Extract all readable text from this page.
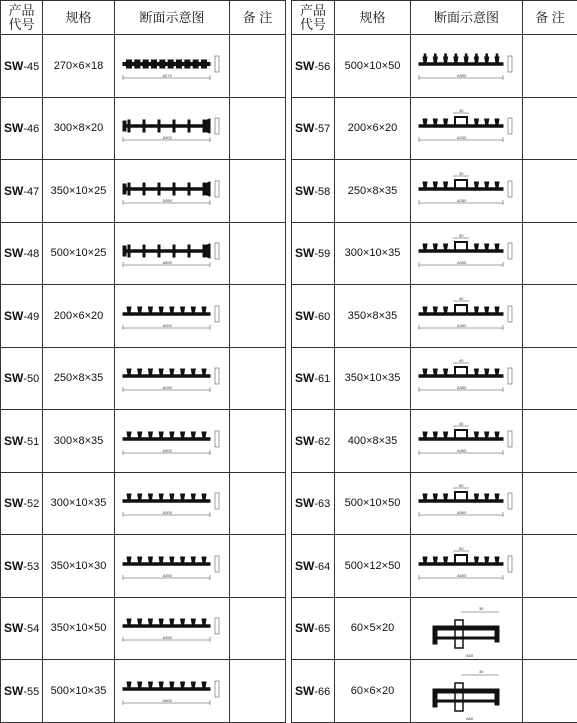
产品
代号	规格	断面示意图	备 注
SW-45	270×6×18	A270	

SW-46	300×8×20	A300	

SW-47	350×10×25	A350	

SW-48	500×10×25	A500	

SW-49	200×6×20	A200	

SW-50	250×8×35	A250	

SW-51	300×8×35	A300	

SW-52	300×10×35	A300	

SW-53	350×10×30	A350	

SW-54	350×10×50	A350	

SW-55	500×10×35	A500	

产品
代号	规格	断面示意图	备 注
SW-56	500×10×50	A500	

SW-57	200×6×20	A200
30	

SW-58	250×8×35	A250
30	

SW-59	300×10×35	A300
30	

SW-60	350×8×35	A350
40	

SW-61	350×10×35	A350
40	

SW-62	400×8×35	A400
40	

SW-63	500×10×50	A500
50	

SW-64	500×12×50	A500
50	

SW-65	60×5×20	A60
30	

SW-66	60×6×20	A60
30	
